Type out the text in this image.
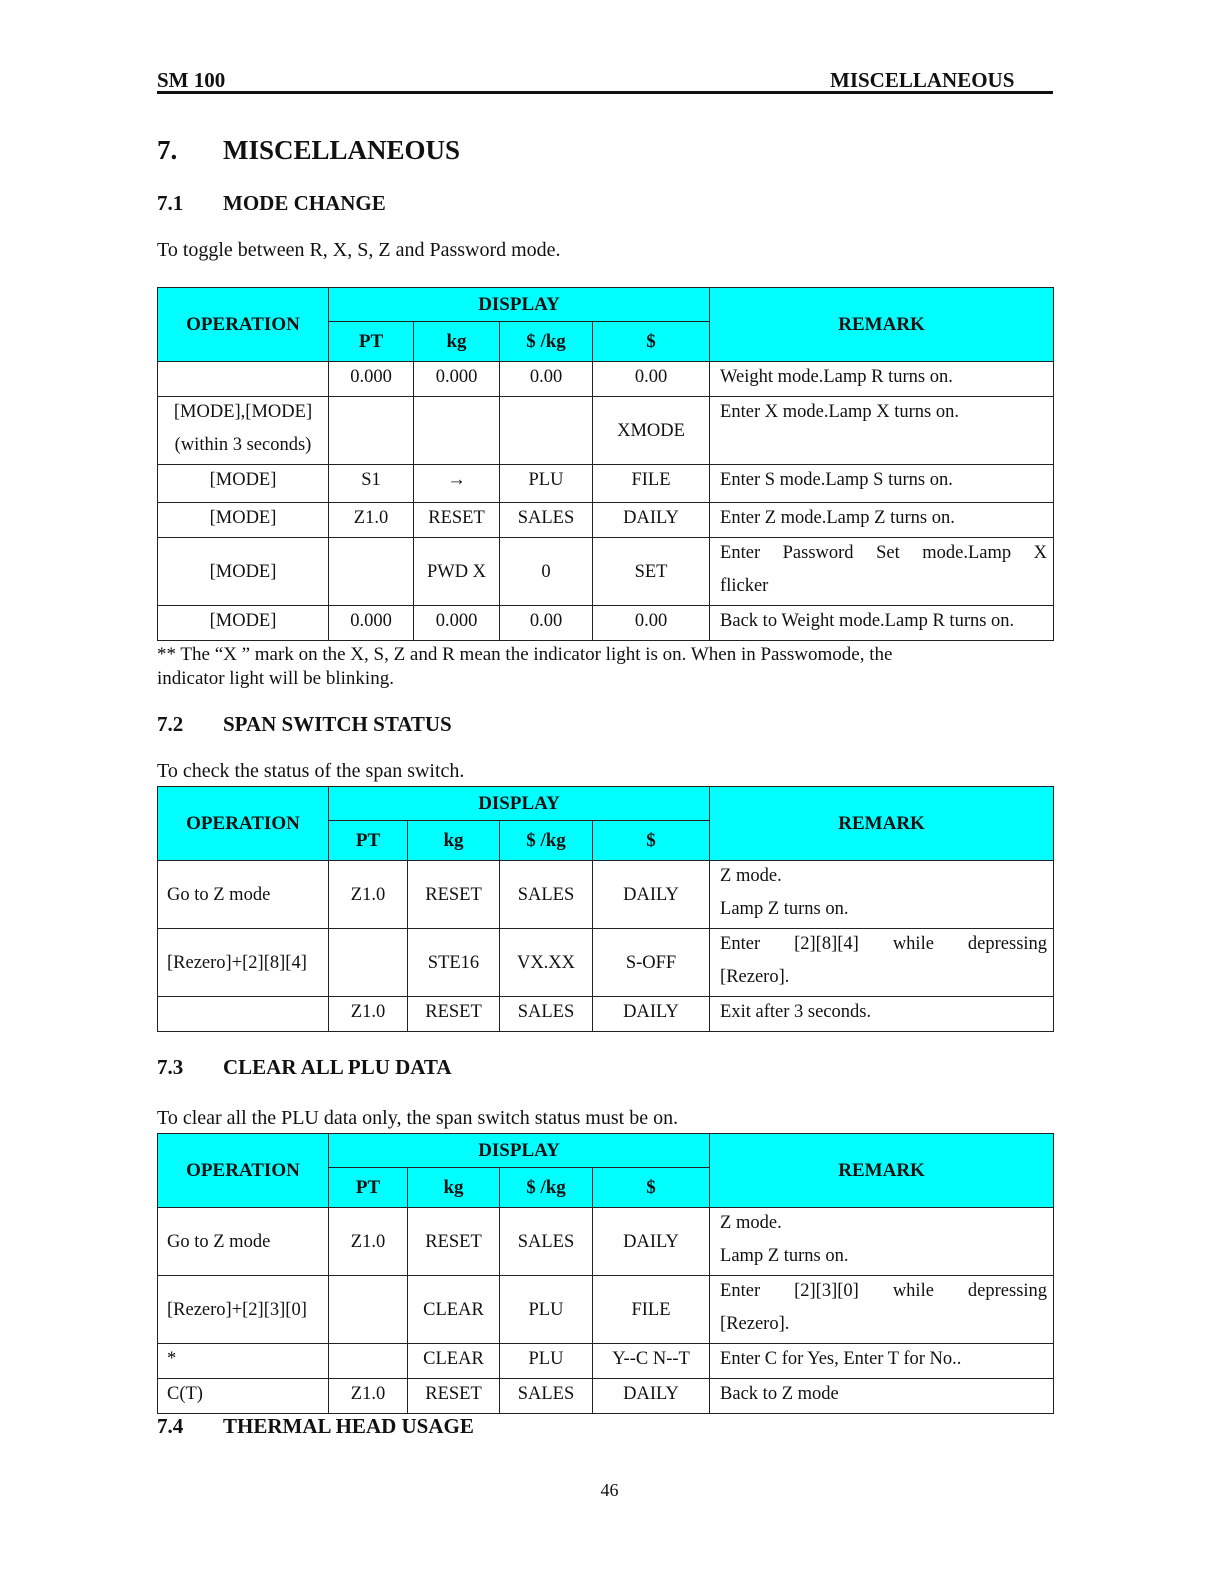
SM 100	MISCELLANEOUS
7. MISCELLANEOUS
7.1 MODE CHANGE
To toggle between R, X, S, Z and Password mode.
OPERATION	DISPLAY				REMARK
	PT	kg	$ /kg	$	
	0.000	0.000	0.00	0.00	Weight mode.Lamp R turns on.

[MODE],[MODE]
(within 3 seconds)				XMODE	Enter X mode.Lamp X turns on.
[MODE]	S1	→	PLU	FILE	Enter S mode.Lamp S turns on.
[MODE]	Z1.0	RESET	SALES	DAILY	Enter Z mode.Lamp Z turns on.
[MODE]		PWD X	0	SET	Enter Password Set mode.Lamp X
flicker

[MODE]	0.000	0.000	0.00	0.00	Back to Weight mode.Lamp R turns on.
** The “X ” mark on the X, S, Z and R mean the indicator light is on. When in Passwomode, the
indicator light will be blinking.
7.2 SPAN SWITCH STATUS
To check the status of the span switch.
OPERATION	DISPLAY				REMARK
	PT	kg	$ /kg	$	
Go to Z mode	Z1.0	RESET	SALES	DAILY	Z mode.
Lamp Z turns on.

[Rezero]+[2][8][4]		STE16	VX.XX	S-OFF	Enter [2][8][4] while depressing
[Rezero].

	Z1.0	RESET	SALES	DAILY	Exit after 3 seconds.
7.3 CLEAR ALL PLU DATA
To clear all the PLU data only, the span switch status must be on.
OPERATION	DISPLAY				REMARK
	PT	kg	$ /kg	$	
Go to Z mode	Z1.0	RESET	SALES	DAILY	Z mode.
Lamp Z turns on.

[Rezero]+[2][3][0]		CLEAR	PLU	FILE	Enter [2][3][0] while depressing
[Rezero].

*		CLEAR	PLU	Y--C N--T	Enter C for Yes, Enter T for No..
C(T)	Z1.0	RESET	SALES	DAILY	Back to Z mode
7.4 THERMAL HEAD USAGE
46
